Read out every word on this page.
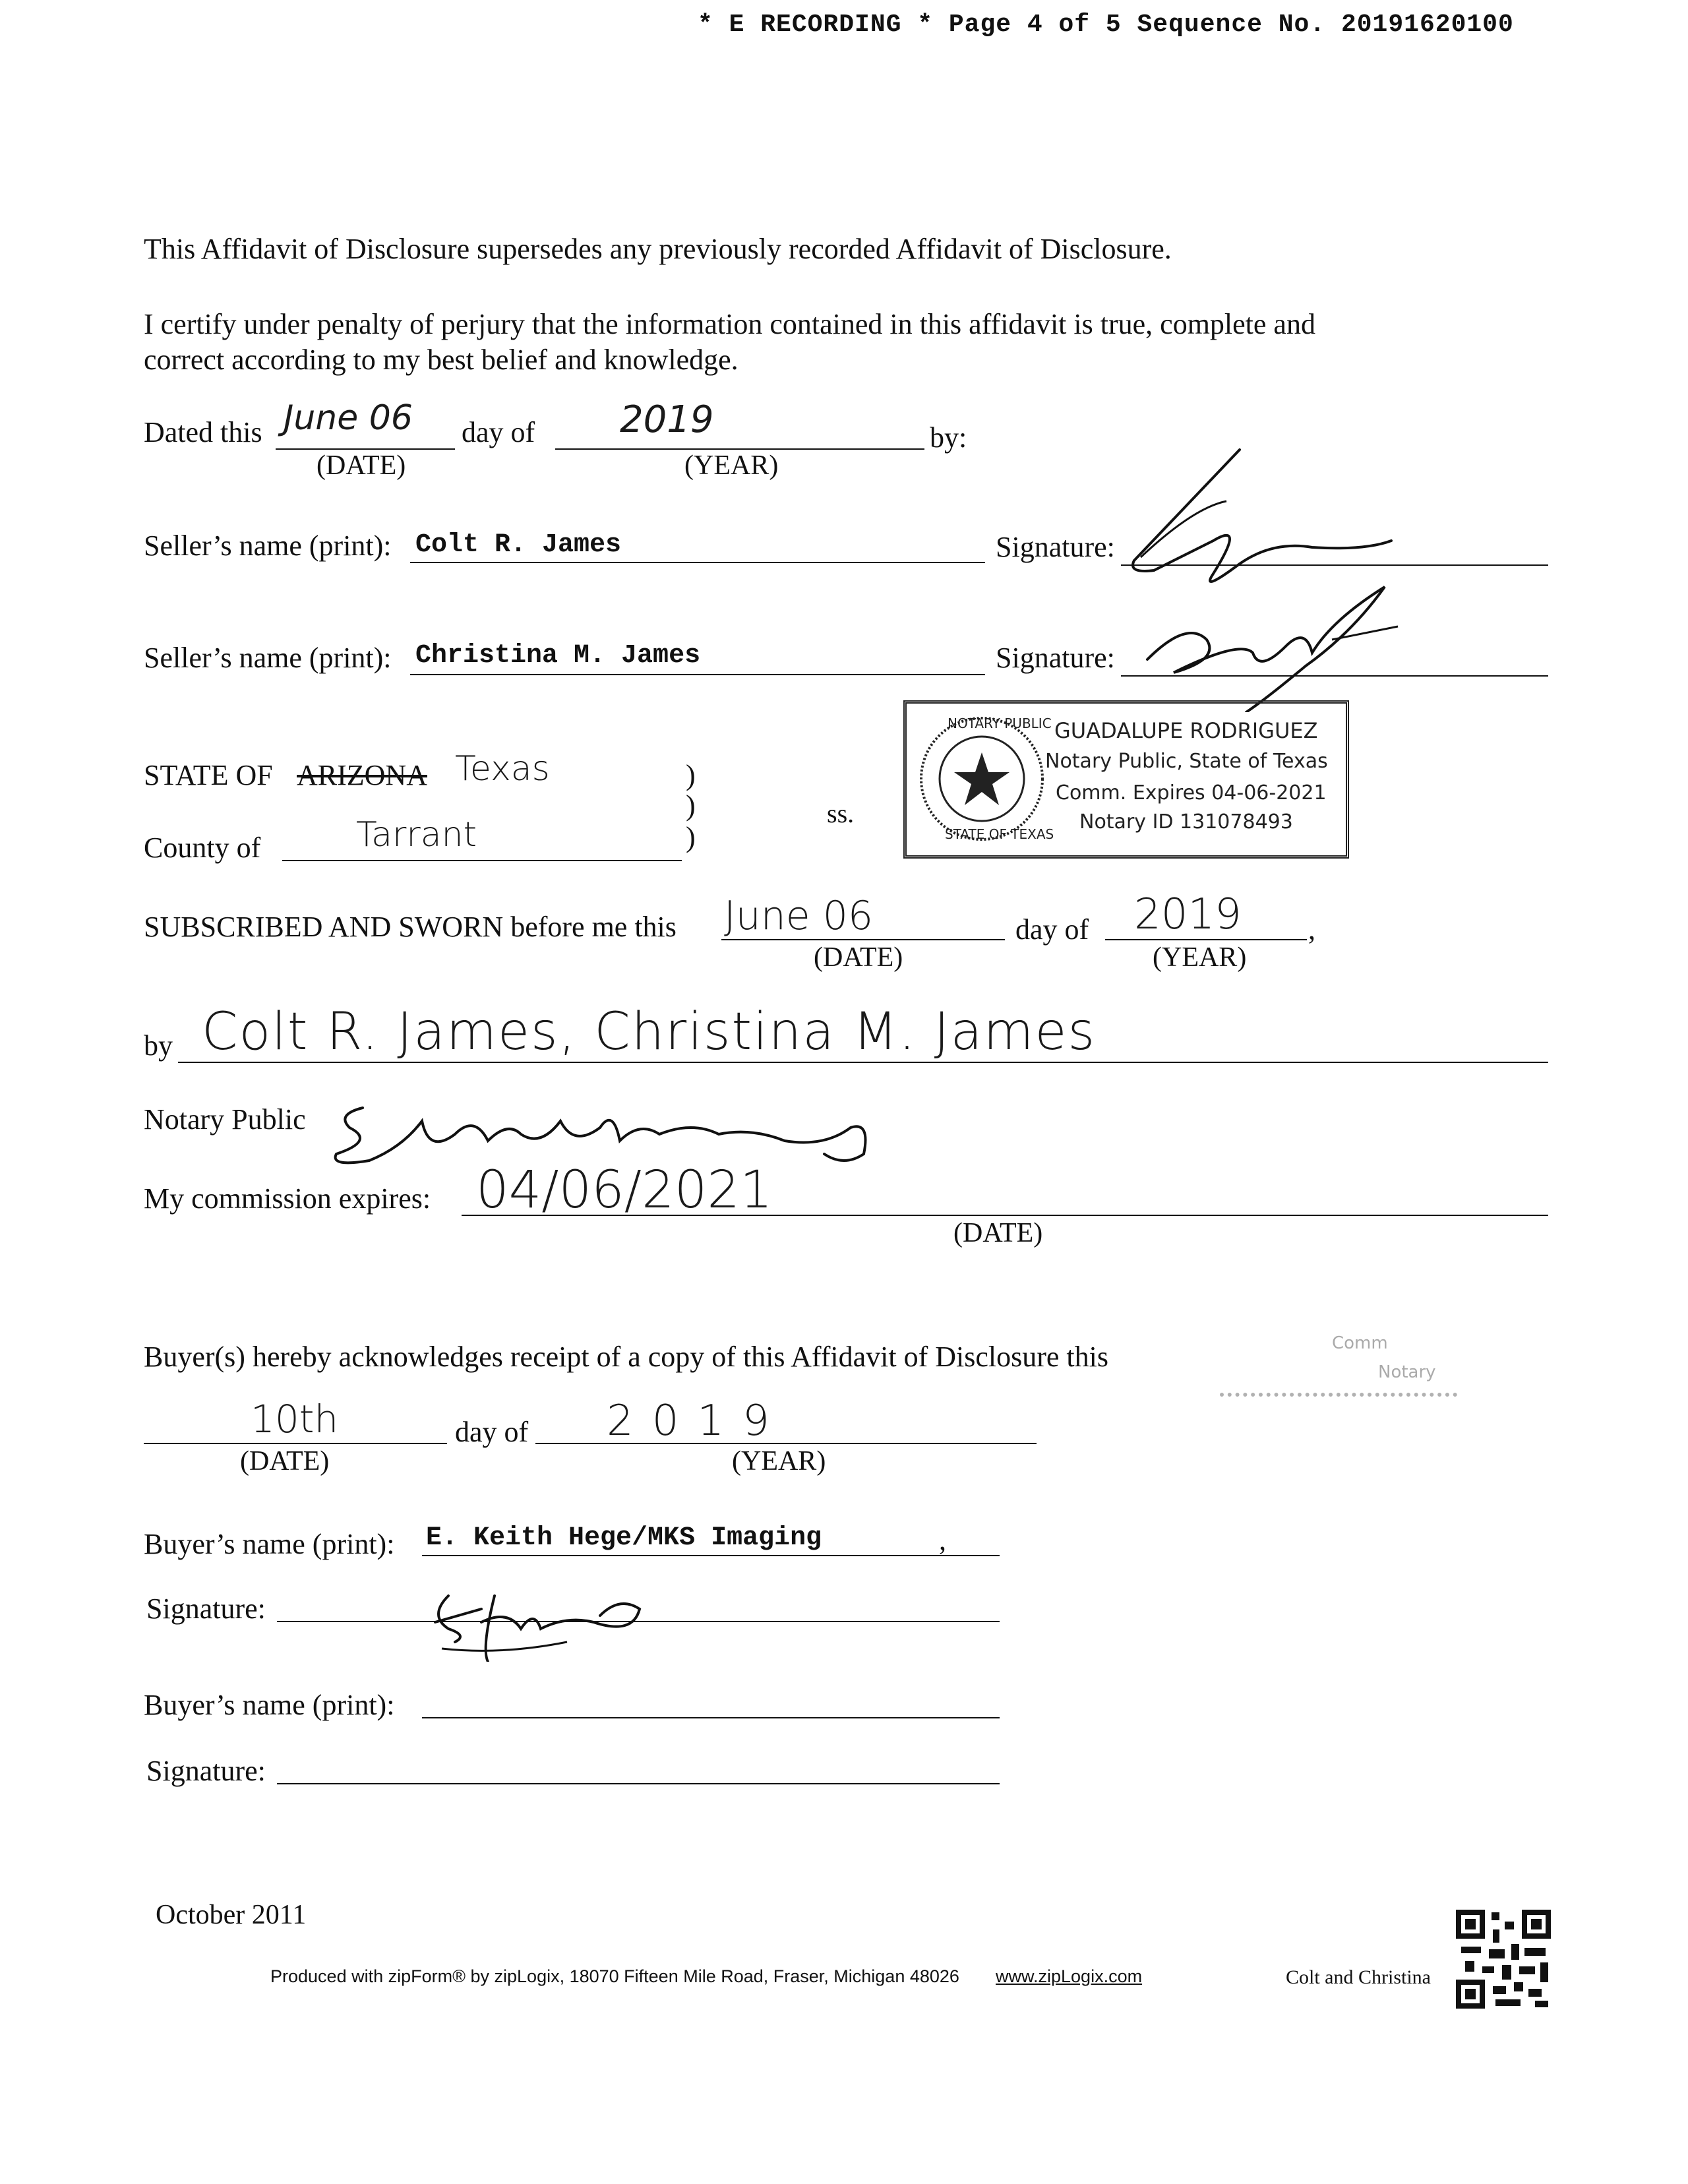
* E RECORDING * Page 4 of 5 Sequence No. 20191620100
This Affidavit of Disclosure supersedes any previously recorded Affidavit of Disclosure.
I certify under penalty of perjury that the information contained in this affidavit is true, complete and
correct according to my best belief and knowledge.
Dated this June 06
(DATE)
day of 2019
(YEAR)
by:
Seller’s name (print): Colt R. James	Signature:
Seller’s name (print): Christina M. James	Signature:
STATE OF ARIZONA Texas	)
)
)
ss.
County of	Tarrant
NOTARY PUBLIC
STATE OF TEXAS
GUADALUPE RODRIGUEZ
Notary Public, State of Texas
Comm. Expires 04-06-2021
Notary ID 131078493
SUBSCRIBED AND SWORN before me this June 06
(DATE)
day of 2019
(YEAR)
,
by Colt R. James, Christina M. James
Notary Public
My commission expires: 04/06/2021
(DATE)
Buyer(s) hereby acknowledges receipt of a copy of this Affidavit of Disclosure this
10th
(DATE)
day of 2019
(YEAR)
Comm
Notary
Buyer’s name (print): E. Keith Hege/MKS Imaging	,
Signature:
Buyer’s name (print):
Signature:
October 2011
Produced with zipForm® by zipLogix, 18070 Fifteen Mile Road, Fraser, Michigan 48026 www.zipLogix.com	Colt and Christina
